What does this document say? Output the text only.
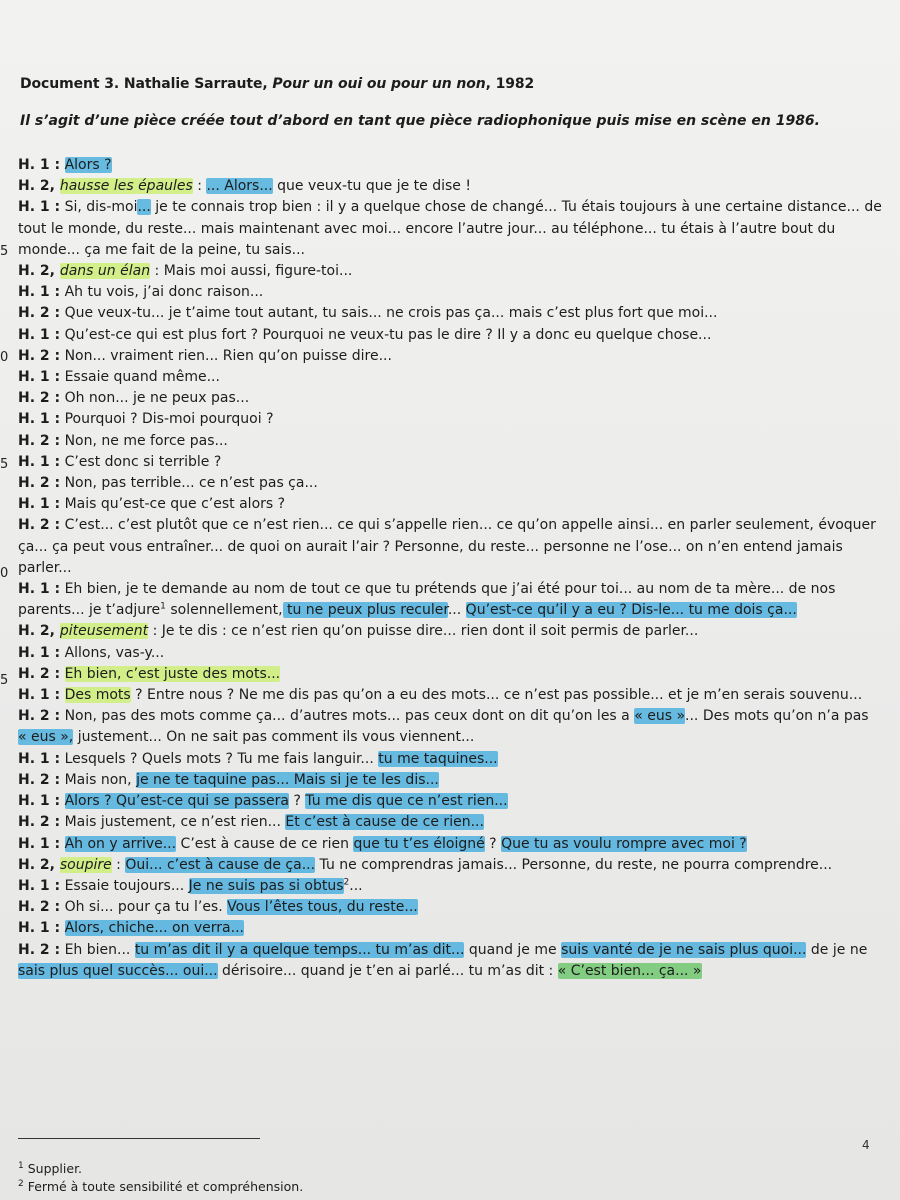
5
0
5
0
5
Document 3. Nathalie Sarraute, Pour un oui ou pour un non, 1982
Il s’agit d’une pièce créée tout d’abord en tant que pièce radiophonique puis mise en scène en 1986.
H. 1 : Alors ?
H. 2, hausse les épaules : ... Alors... que veux-tu que je te dise !
H. 1 : Si, dis-moi... je te connais trop bien : il y a quelque chose de changé... Tu étais toujours à une certaine distance... de
tout le monde, du reste... mais maintenant avec moi... encore l’autre jour... au téléphone... tu étais à l’autre bout du
monde... ça me fait de la peine, tu sais...
H. 2, dans un élan : Mais moi aussi, figure-toi...
H. 1 : Ah tu vois, j’ai donc raison...
H. 2 : Que veux-tu... je t’aime tout autant, tu sais... ne crois pas ça... mais c’est plus fort que moi...
H. 1 : Qu’est-ce qui est plus fort ? Pourquoi ne veux-tu pas le dire ? Il y a donc eu quelque chose...
H. 2 : Non... vraiment rien... Rien qu’on puisse dire...
H. 1 : Essaie quand même...
H. 2 : Oh non... je ne peux pas...
H. 1 : Pourquoi ? Dis-moi pourquoi ?
H. 2 : Non, ne me force pas...
H. 1 : C’est donc si terrible ?
H. 2 : Non, pas terrible... ce n’est pas ça...
H. 1 : Mais qu’est-ce que c’est alors ?
H. 2 : C’est... c’est plutôt que ce n’est rien... ce qui s’appelle rien... ce qu’on appelle ainsi... en parler seulement, évoquer
ça... ça peut vous entraîner... de quoi on aurait l’air ? Personne, du reste... personne ne l’ose... on n’en entend jamais
parler...
H. 1 : Eh bien, je te demande au nom de tout ce que tu prétends que j’ai été pour toi... au nom de ta mère... de nos
parents... je t’adjure$^1$ solennellement, tu ne peux plus reculer... Qu’est-ce qu’il y a eu ? Dis-le... tu me dois ça...
H. 2, piteusement : Je te dis : ce n’est rien qu’on puisse dire... rien dont il soit permis de parler...
H. 1 : Allons, vas-y...
H. 2 : Eh bien, c’est juste des mots...
H. 1 : Des mots ? Entre nous ? Ne me dis pas qu’on a eu des mots... ce n’est pas possible... et je m’en serais souvenu...
H. 2 : Non, pas des mots comme ça... d’autres mots... pas ceux dont on dit qu’on les a « eus »... Des mots qu’on n’a pas
« eus », justement... On ne sait pas comment ils vous viennent...
H. 1 : Lesquels ? Quels mots ? Tu me fais languir... tu me taquines...
H. 2 : Mais non, je ne te taquine pas... Mais si je te les dis...
H. 1 : Alors ? Qu’est-ce qui se passera ? Tu me dis que ce n’est rien...
H. 2 : Mais justement, ce n’est rien... Et c’est à cause de ce rien...
H. 1 : Ah on y arrive... C’est à cause de ce rien que tu t’es éloigné ? Que tu as voulu rompre avec moi ?
H. 2, soupire : Oui... c’est à cause de ça... Tu ne comprendras jamais... Personne, du reste, ne pourra comprendre...
H. 1 : Essaie toujours... Je ne suis pas si obtus$^2$...
H. 2 : Oh si... pour ça tu l’es. Vous l’êtes tous, du reste...
H. 1 : Alors, chiche... on verra...
H. 2 : Eh bien... tu m’as dit il y a quelque temps... tu m’as dit... quand je me suis vanté de je ne sais plus quoi... de je ne
sais plus quel succès... oui... dérisoire... quand je t’en ai parlé... tu m’as dit : « C’est bien... ça... »
4
$^1$ Supplier.
$^2$ Fermé à toute sensibilité et compréhension.
